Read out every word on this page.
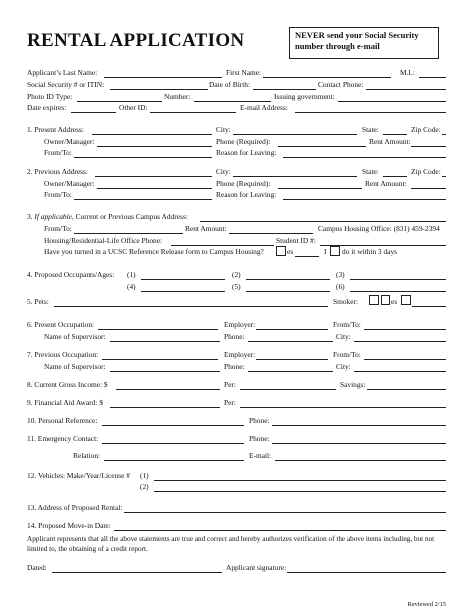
RENTAL APPLICATION	NEVER send your Social Security number through e-mail
Applicant’s Last Name:	First Name:	M.I.:
Social Security # or ITIN:	Date of Birth:	Contact Phone:
Photo ID Type:	Number:	Issuing government:
Date expires:	Other ID:	E-mail Address:
1. Present Address:	City:	State:	Zip Code:
Owner/Manager:	Phone (Required):	Rent Amount:
From/To:	Reason for Leaving:
2. Previous Address:	City:	State:	Zip Code:
Owner/Manager:	Phone (Required):	Rent Amount:
From/To:	Reason for Leaving:
3. If applicable, Current or Previous Campus Address:
From/To:	Rent Amount:	Campus Housing Office: (831) 459-2394
Housing/Residential-Life Office Phone:	Student ID #:
Have you turned in a UCSC Reference Release form to Campus Housing?	es	I do it within 3 days
4. Proposed Occupants/Ages: (1)	(2)	(3)
(4)	(5)	(6)
5. Pets:	Smoker:	es
6. Present Occupation:	Employer:	From/To:
Name of Supervisor:	Phone:	City:
7. Previous Occupation:	Employer:	From/To:
Name of Supervisor:	Phone:	City:
8. Current Gross Income: $	Per:	Savings:
9. Financial Aid Award: $	Per:
10. Personal Reference:	Phone:
11. Emergency Contact:	Phone:
Relation:	E-mail:
12. Vehicles: Make/Year/License # (1)
(2)
13. Address of Proposed Rental:
14. Proposed Move-in Date:
Applicant represents that all the above statements are true and correct and hereby authorizes verification of the above items including, but not limited to, the obtaining of a credit report.
Dated:	Applicant signature:
Reviewed 2/15
